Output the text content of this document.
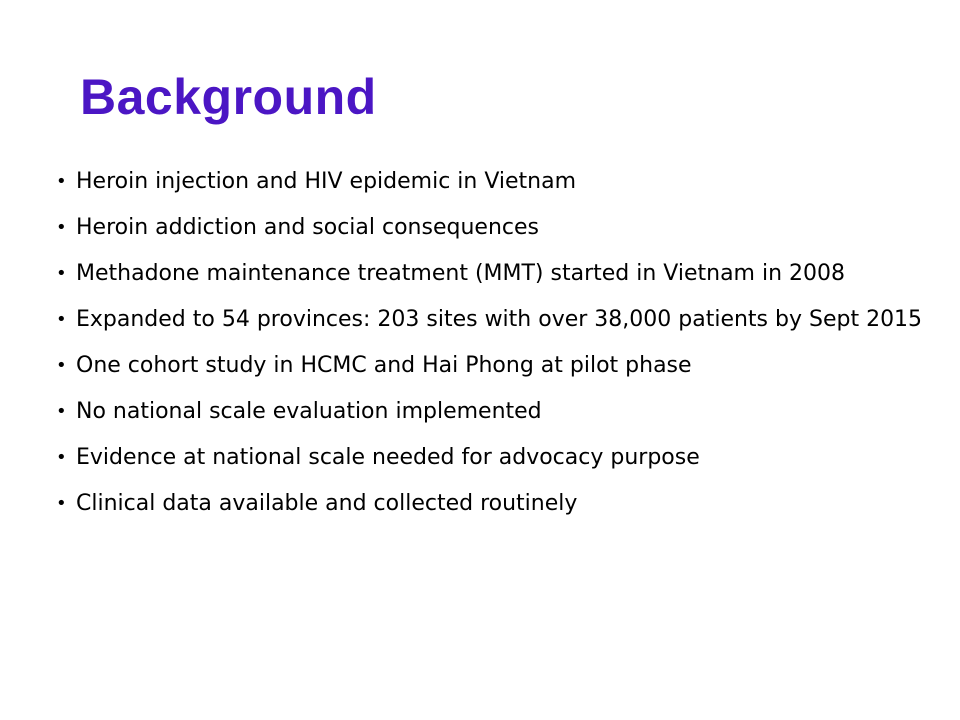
Background
• Heroin injection and HIV epidemic in Vietnam
• Heroin addiction and social consequences
• Methadone maintenance treatment (MMT) started in Vietnam in 2008
• Expanded to 54 provinces: 203 sites with over 38,000 patients by Sept 2015
• One cohort study in HCMC and Hai Phong at pilot phase
• No national scale evaluation implemented
• Evidence at national scale needed for advocacy purpose
• Clinical data available and collected routinely
